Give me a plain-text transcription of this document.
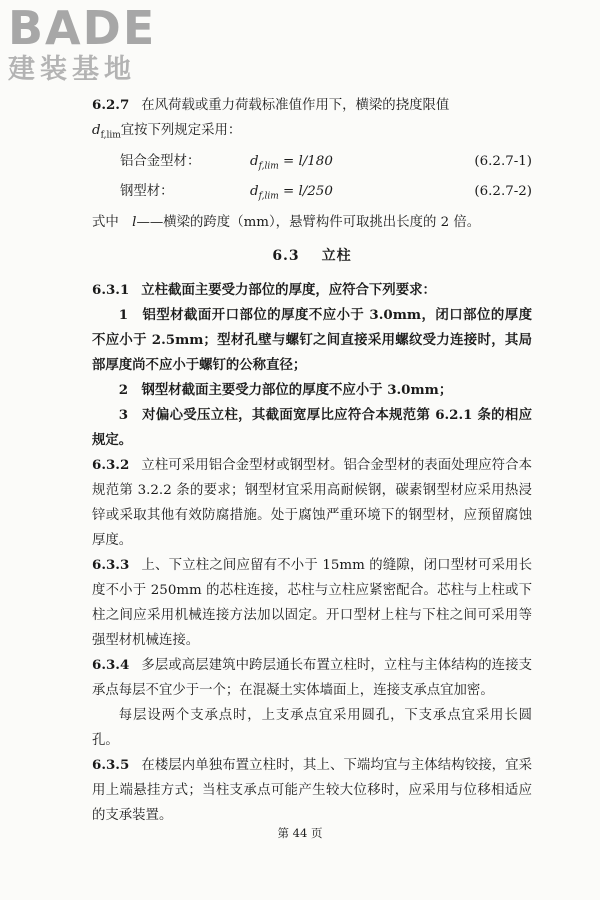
BADE
建装基地

6.2.7 在风荷载或重力荷载标准值作用下，横梁的挠度限值
$d_{f,lim}$宜按下列规定采用：

铝合金型材：	$d_{f,lim} = l/180$	(6.2.7-1)
钢型材：	$d_{f,lim} = l/250$	(6.2.7-2)

式中　 l——横梁的跨度（mm），悬臂构件可取挑出长度的 2 倍。

6.3 立柱

6.3.1 立柱截面主要受力部位的厚度，应符合下列要求：

1　铝型材截面开口部位的厚度不应小于 3.0mm，闭口部位的厚度不应小于 2.5mm；型材孔壁与螺钉之间直接采用螺纹受力连接时，其局部厚度尚不应小于螺钉的公称直径；

2　钢型材截面主要受力部位的厚度不应小于 3.0mm；

3　对偏心受压立柱，其截面宽厚比应符合本规范第 6.2.1 条的相应规定。

6.3.2 立柱可采用铝合金型材或钢型材。铝合金型材的表面处理应符合本规范第 3.2.2 条的要求；钢型材宜采用高耐候钢，碳素钢型材应采用热浸锌或采取其他有效防腐措施。处于腐蚀严重环境下的钢型材，应预留腐蚀厚度。

6.3.3 上、下立柱之间应留有不小于 15mm 的缝隙，闭口型材可采用长度不小于 250mm 的芯柱连接，芯柱与立柱应紧密配合。芯柱与上柱或下柱之间应采用机械连接方法加以固定。开口型材上柱与下柱之间可采用等强型材机械连接。

6.3.4 多层或高层建筑中跨层通长布置立柱时，立柱与主体结构的连接支承点每层不宜少于一个；在混凝土实体墙面上，连接支承点宜加密。

每层设两个支承点时，上支承点宜采用圆孔，下支承点宜采用长圆孔。

6.3.5 在楼层内单独布置立柱时，其上、下端均宜与主体结构铰接，宜采用上端悬挂方式；当柱支承点可能产生较大位移时，应采用与位移相适应的支承装置。

第 44 页
